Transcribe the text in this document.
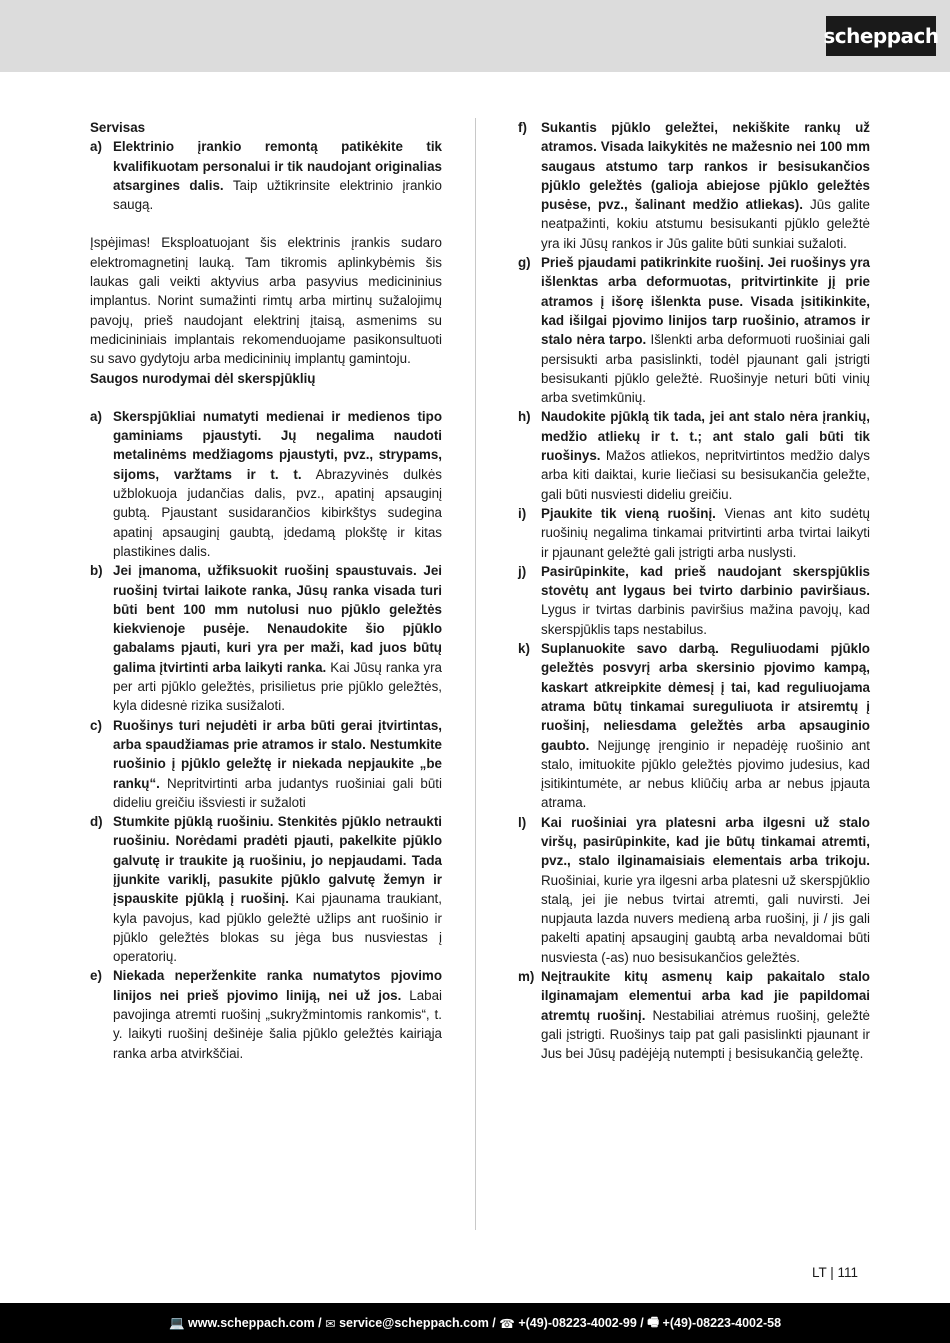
scheppach

Servisas

a) Elektrinio įrankio remontą patikėkite tik kvalifikuotam personalui ir tik naudojant originalias atsargines dalis. Taip užtikrinsite elektrinio įrankio saugą.

Įspėjimas! Eksploatuojant šis elektrinis įrankis sudaro elektromagnetinį lauką. Tam tikromis aplinkybėmis šis laukas gali veikti aktyvius arba pasyvius medicininius implantus. Norint sumažinti rimtų arba mirtinų sužalojimų pavojų, prieš naudojant elektrinį įtaisą, asmenims su medicininiais implantais rekomenduojame pasikonsultuoti su savo gydytoju arba medicininių implantų gamintoju.

Saugos nurodymai dėl skerspjūklių

a) Skerspjūkliai numatyti medienai ir medienos tipo gaminiams pjaustyti. Jų negalima naudoti metalinėms medžiagoms pjaustyti, pvz., strypams, sijoms, varžtams ir t. t. Abrazyvinės dulkės užblokuoja judančias dalis, pvz., apatinį apsauginį gubtą. Pjaustant susidarančios kibirkštys sudegina apatinį apsauginį gaubtą, įdedamą plokštę ir kitas plastikines dalis.
b) Jei įmanoma, užfiksuokit ruošinį spaustuvais. Jei ruošinį tvirtai laikote ranka, Jūsų ranka visada turi būti bent 100 mm nutolusi nuo pjūklo geležtės kiekvienoje pusėje. Nenaudokite šio pjūklo gabalams pjauti, kuri yra per maži, kad juos būtų galima įtvirtinti arba laikyti ranka. Kai Jūsų ranka yra per arti pjūklo geležtės, prisilietus prie pjūklo geležtės, kyla didesnė rizika susižaloti.
c) Ruošinys turi nejudėti ir arba būti gerai įtvirtintas, arba spaudžiamas prie atramos ir stalo. Nestumkite ruošinio į pjūklo geležtę ir niekada nepjaukite „be rankų“. Nepritvirtinti arba judantys ruošiniai gali būti dideliu greičiu išsviesti ir sužaloti
d) Stumkite pjūklą ruošiniu. Stenkitės pjūklo netraukti ruošiniu. Norėdami pradėti pjauti, pakelkite pjūklo galvutę ir traukite ją ruošiniu, jo nepjaudami. Tada įjunkite variklį, pasukite pjūklo galvutę žemyn ir įspauskite pjūklą į ruošinį. Kai pjaunama traukiant, kyla pavojus, kad pjūklo geležtė užlips ant ruošinio ir pjūklo geležtės blokas su jėga bus nusviestas į operatorių.
e) Niekada neperženkite ranka numatytos pjovimo linijos nei prieš pjovimo liniją, nei už jos. Labai pavojinga atremti ruošinį „sukryžmintomis rankomis“, t. y. laikyti ruošinį dešinėje šalia pjūklo geležtės kairiąja ranka arba atvirkščiai.
f)	Sukantis pjūklo geležtei, nekiškite rankų už atramos. Visada laikykitės ne mažesnio nei 100 mm saugaus atstumo tarp rankos ir besisukančios pjūklo geležtės (galioja abiejose pjūklo geležtės pusėse, pvz., šalinant medžio atliekas). Jūs galite neatpažinti, kokiu atstumu besisukanti pjūklo geležtė yra iki Jūsų rankos ir Jūs galite būti sunkiai sužaloti.
g) Prieš pjaudami patikrinkite ruošinį. Jei ruošinys yra išlenktas arba deformuotas, pritvirtinkite jį prie atramos į išorę išlenkta puse. Visada įsitikinkite, kad išilgai pjovimo linijos tarp ruošinio, atramos ir stalo nėra tarpo. Išlenkti arba deformuoti ruošiniai gali persisukti arba pasislinkti, todėl pjaunant gali įstrigti besisukanti pjūklo geležtė. Ruošinyje neturi būti vinių arba svetimkūnių.
h) Naudokite pjūklą tik tada, jei ant stalo nėra įrankių, medžio atliekų ir t. t.; ant stalo gali būti tik ruošinys. Mažos atliekos, nepritvirtintos medžio dalys arba kiti daiktai, kurie liečiasi su besisukančia geležte, gali būti nusviesti dideliu greičiu.
i)	Pjaukite tik vieną ruošinį. Vienas ant kito sudėtų ruošinių negalima tinkamai pritvirtinti arba tvirtai laikyti ir pjaunant geležtė gali įstrigti arba nuslysti.
j)	Pasirūpinkite, kad prieš naudojant skerspjūklis stovėtų ant lygaus bei tvirto darbinio paviršiaus. Lygus ir tvirtas darbinis paviršius mažina pavojų, kad skerspjūklis taps nestabilus.
k) Suplanuokite savo darbą. Reguliuodami pjūklo geležtės posvyrį arba skersinio pjovimo kampą, kaskart atkreipkite dėmesį į tai, kad reguliuojama atrama būtų tinkamai sureguliuota ir atsiremtų į ruošinį, neliesdama geležtės arba apsauginio gaubto. Neįjungę įrenginio ir nepadėję ruošinio ant stalo, imituokite pjūklo geležtės pjovimo judesius, kad įsitikintumėte, ar nebus kliūčių arba ar nebus įpjauta atrama.
l)	Kai ruošiniai yra platesni arba ilgesni už stalo viršų, pasirūpinkite, kad jie būtų tinkamai atremti, pvz., stalo ilginamaisiais elementais arba trikoju. Ruošiniai, kurie yra ilgesni arba platesni už skerspjūklio stalą, jei jie nebus tvirtai atremti, gali nuvirsti. Jei nupjauta lazda nuvers medieną arba ruošinį, ji / jis gali pakelti apatinį apsauginį gaubtą arba nevaldomai būti nusviesta (-as) nuo besisukančios geležtės.
m) Neįtraukite kitų asmenų kaip pakaitalo stalo ilginamajam elementui arba kad jie papildomai atremtų ruošinį. Nestabiliai atrėmus ruošinį, geležtė gali įstrigti. Ruošinys taip pat gali pasislinkti pjaunant ir Jus bei Jūsų padėjėją nutempti į besisukančią geležtę.
LT | 111
💻
www.scheppach.com / ✉
service@scheppach.com / ☎
+(49)-08223-4002-99 / 🖷
+(49)-08223-4002-58
